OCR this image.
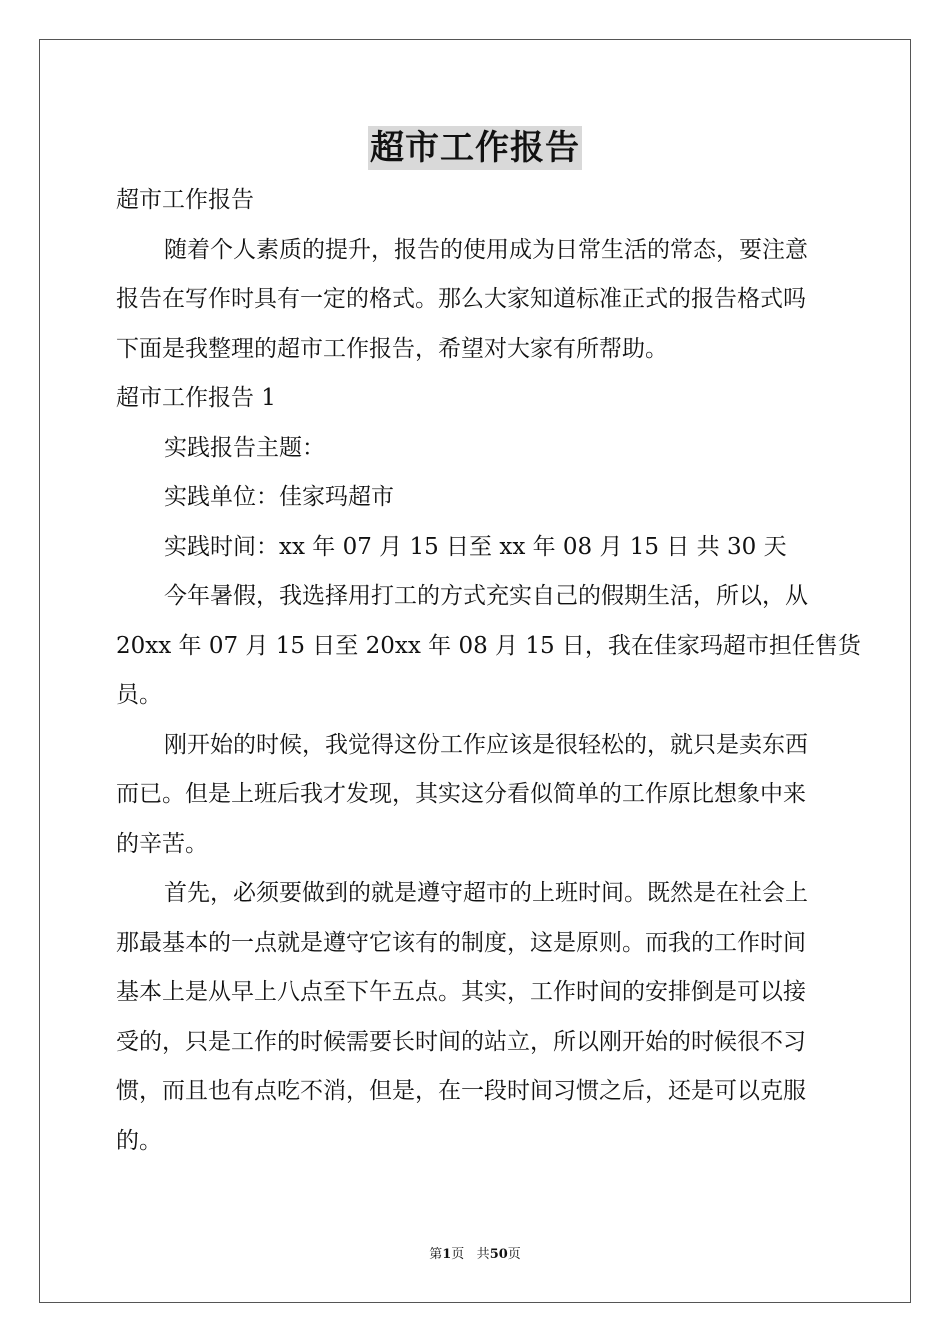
超市工作报告
超市工作报告
随着个人素质的提升，报告的使用成为日常生活的常态，要注意
报告在写作时具有一定的格式。那么大家知道标准正式的报告格式吗
下面是我整理的超市工作报告，希望对大家有所帮助。
超市工作报告 1
实践报告主题：
实践单位：佳家玛超市
实践时间：xx 年 07 月 15 日至 xx 年 08 月 15 日 共 30 天
今年暑假，我选择用打工的方式充实自己的假期生活，所以，从
20xx 年 07 月 15 日至 20xx 年 08 月 15 日，我在佳家玛超市担任售货
员。
刚开始的时候，我觉得这份工作应该是很轻松的，就只是卖东西
而已。但是上班后我才发现，其实这分看似简单的工作原比想象中来
的辛苦。
首先，必须要做到的就是遵守超市的上班时间。既然是在社会上
那最基本的一点就是遵守它该有的制度，这是原则。而我的工作时间
基本上是从早上八点至下午五点。其实，工作时间的安排倒是可以接
受的，只是工作的时候需要长时间的站立，所以刚开始的时候很不习
惯，而且也有点吃不消，但是，在一段时间习惯之后，还是可以克服
的。
第1页 共50页
